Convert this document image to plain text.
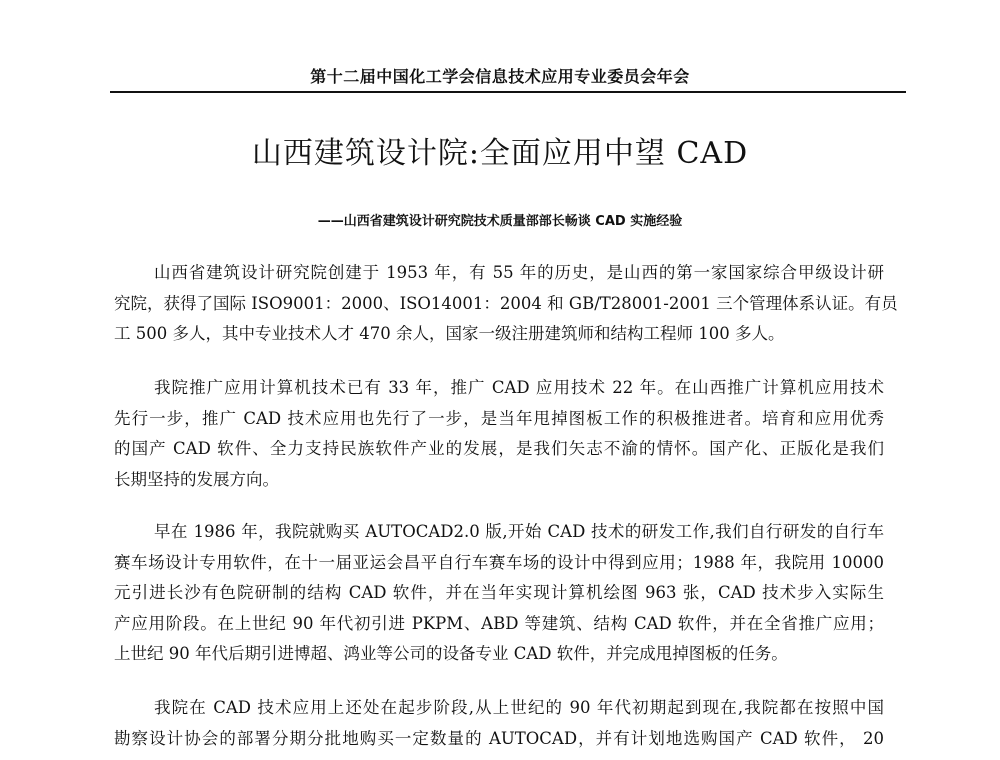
第十二届中国化工学会信息技术应用专业委员会年会
山西建筑设计院:全面应用中望 CAD
——山西省建筑设计研究院技术质量部部长畅谈 CAD 实施经验
山西省建筑设计研究院创建于 1953 年，有 55 年的历史，是山西的第一家国家综合甲级设计研
究院，获得了国际 ISO9001：2000、ISO14001：2004 和 GB/T28001-2001 三个管理体系认证。有员
工 500 多人，其中专业技术人才 470 余人，国家一级注册建筑师和结构工程师 100 多人。
我院推广应用计算机技术已有 33 年，推广 CAD 应用技术 22 年。在山西推广计算机应用技术
先行一步，推广 CAD 技术应用也先行了一步，是当年甩掉图板工作的积极推进者。培育和应用优秀
的国产 CAD 软件、全力支持民族软件产业的发展，是我们矢志不渝的情怀。国产化、正版化是我们
长期坚持的发展方向。
早在 1986 年，我院就购买 AUTOCAD2.0 版,开始 CAD 技术的研发工作,我们自行研发的自行车
赛车场设计专用软件，在十一届亚运会昌平自行车赛车场的设计中得到应用；1988 年，我院用 10000
元引进长沙有色院研制的结构 CAD 软件，并在当年实现计算机绘图 963 张，CAD 技术步入实际生
产应用阶段。在上世纪 90 年代初引进 PKPM、ABD 等建筑、结构 CAD 软件，并在全省推广应用；
上世纪 90 年代后期引进博超、鸿业等公司的设备专业 CAD 软件，并完成甩掉图板的任务。
我院在 CAD 技术应用上还处在起步阶段,从上世纪的 90 年代初期起到现在,我院都在按照中国
勘察设计协会的部署分期分批地购买一定数量的 AUTOCAD，并有计划地选购国产 CAD 软件， 20
